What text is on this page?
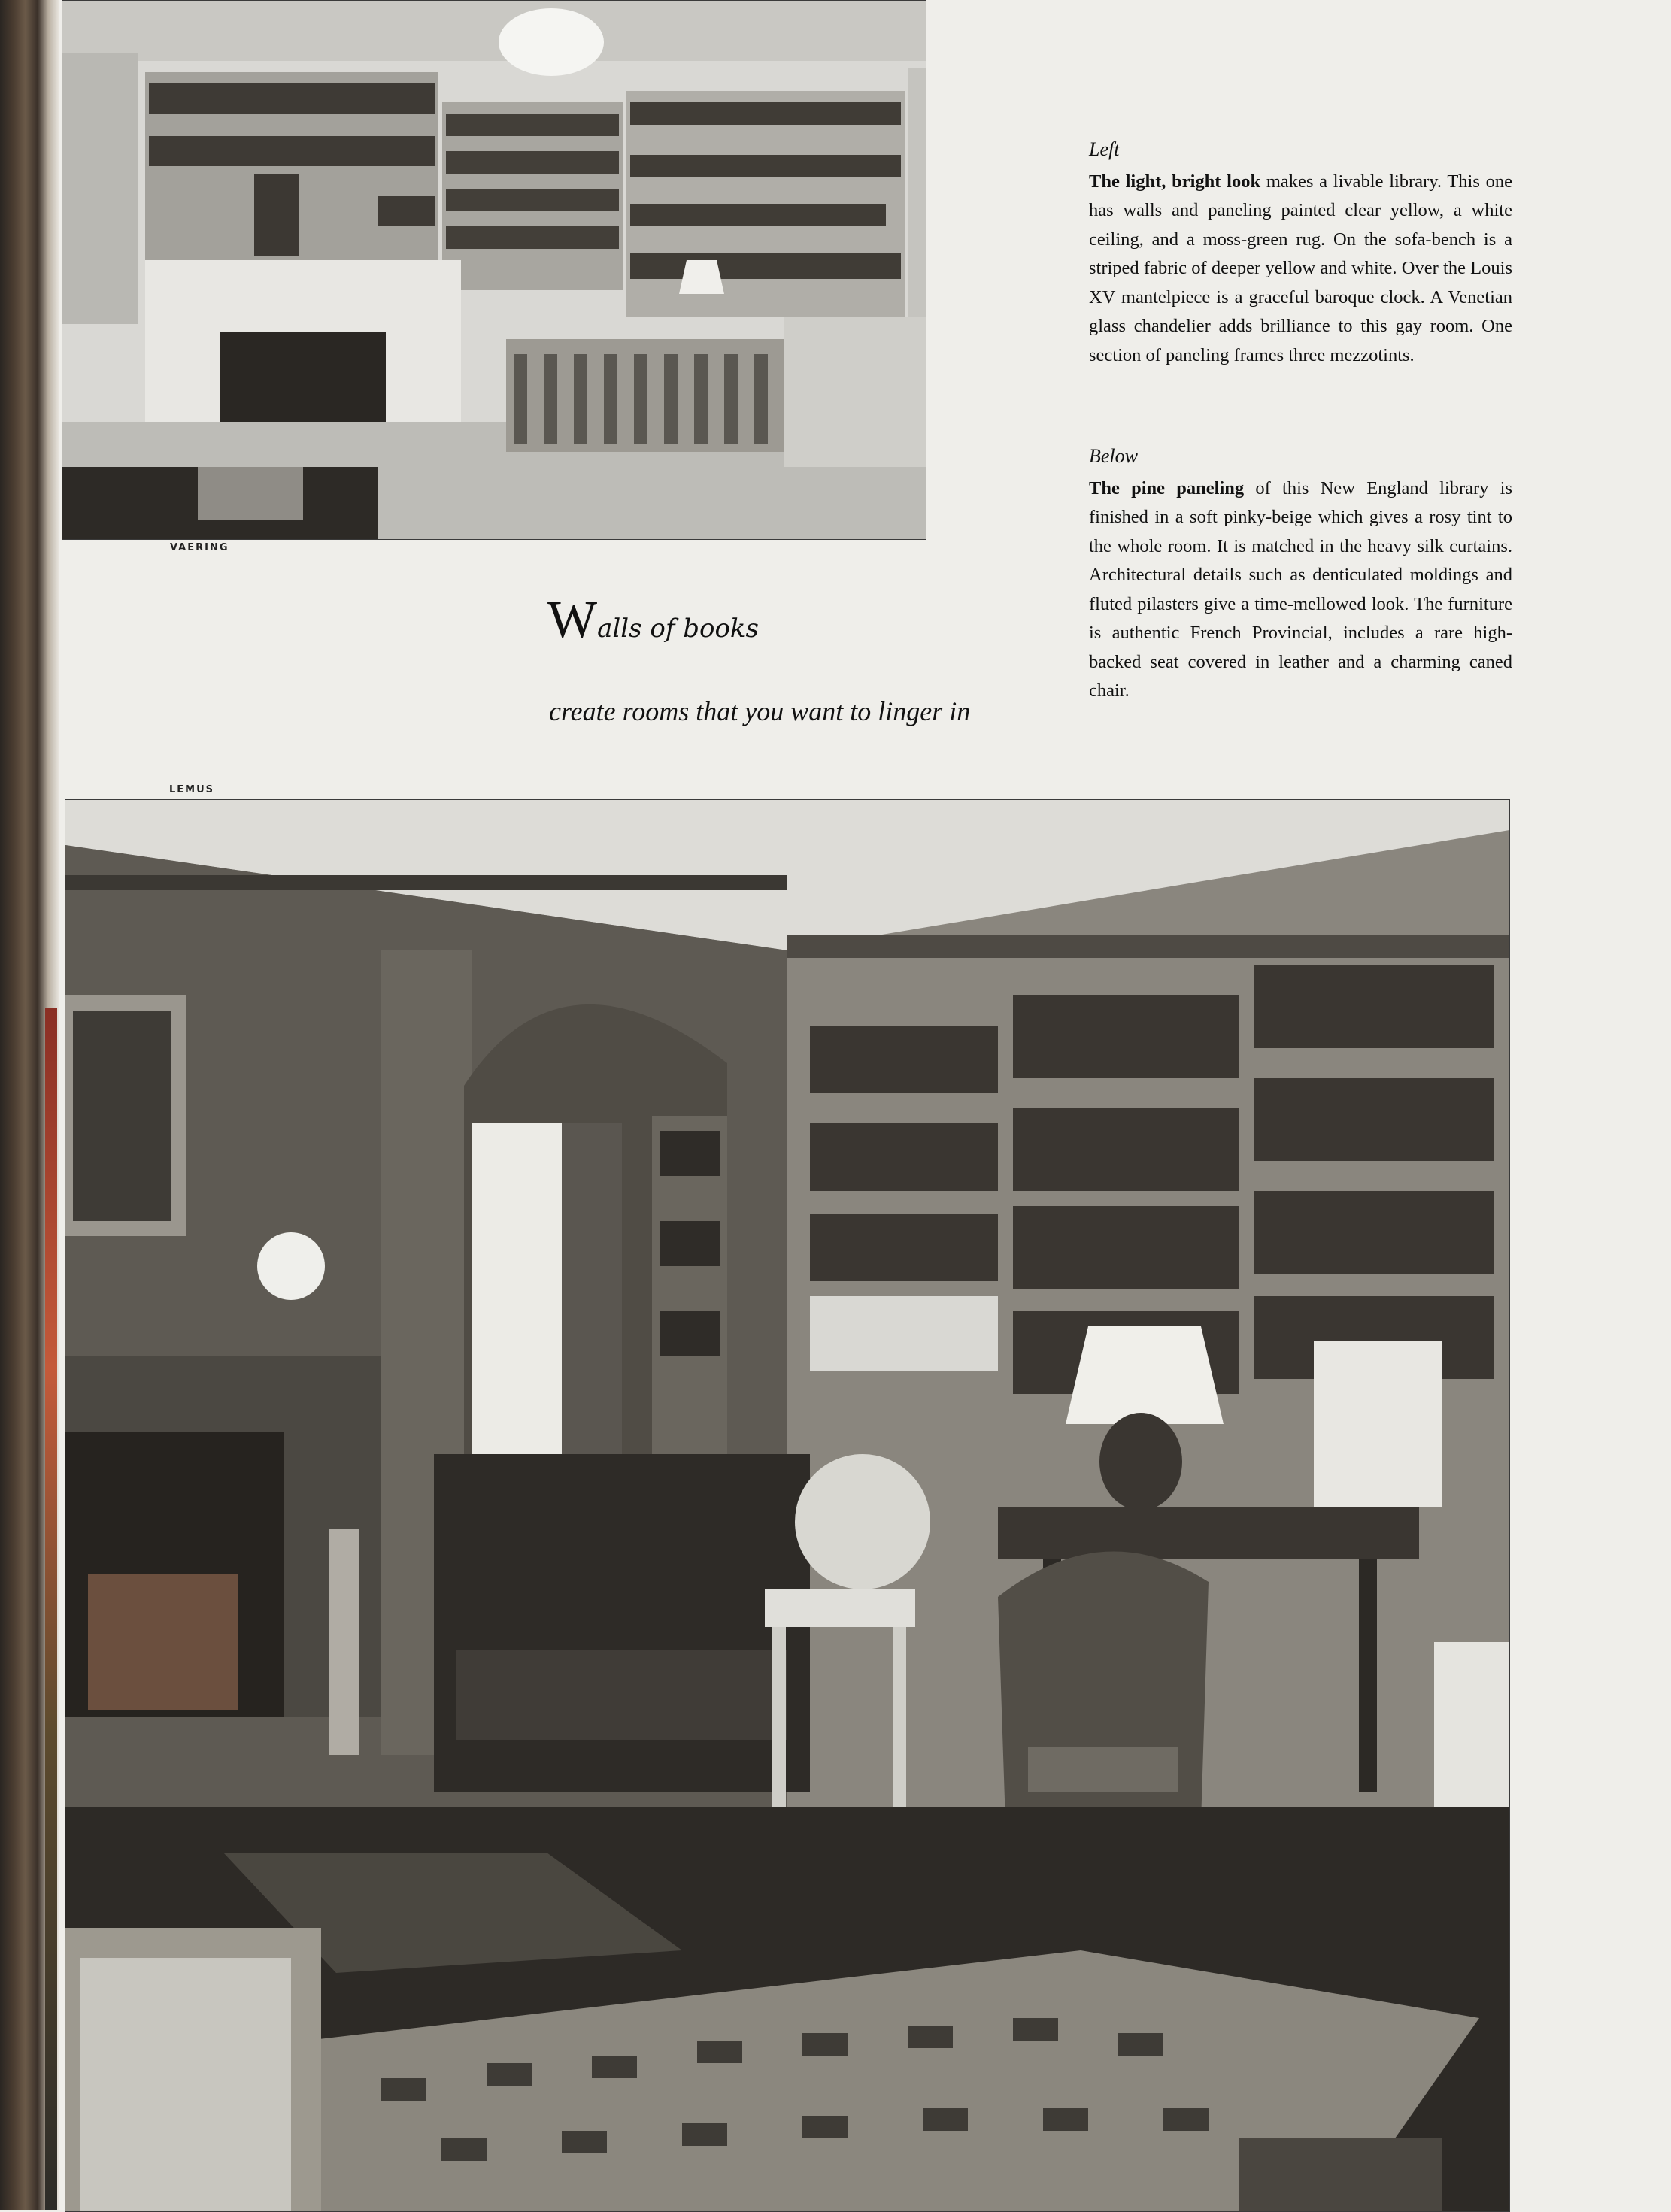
VAERING
Walls of books
create rooms that you want to linger in
Left
The light, bright look makes a livable library. This one has walls and paneling painted clear yellow, a white ceiling, and a moss-green rug. On the sofa-bench is a striped fabric of deeper yellow and white. Over the Louis XV mantelpiece is a graceful baroque clock. A Venetian glass chandelier adds brilliance to this gay room. One section of paneling frames three mezzotints.
Below
The pine paneling of this New England library is finished in a soft pinky-beige which gives a rosy tint to the whole room. It is matched in the heavy silk curtains. Architectural details such as denticulated moldings and fluted pilasters give a time-mellowed look. The furniture is authentic French Provincial, includes a rare high-backed seat covered in leather and a charming caned chair.
LEMUS
